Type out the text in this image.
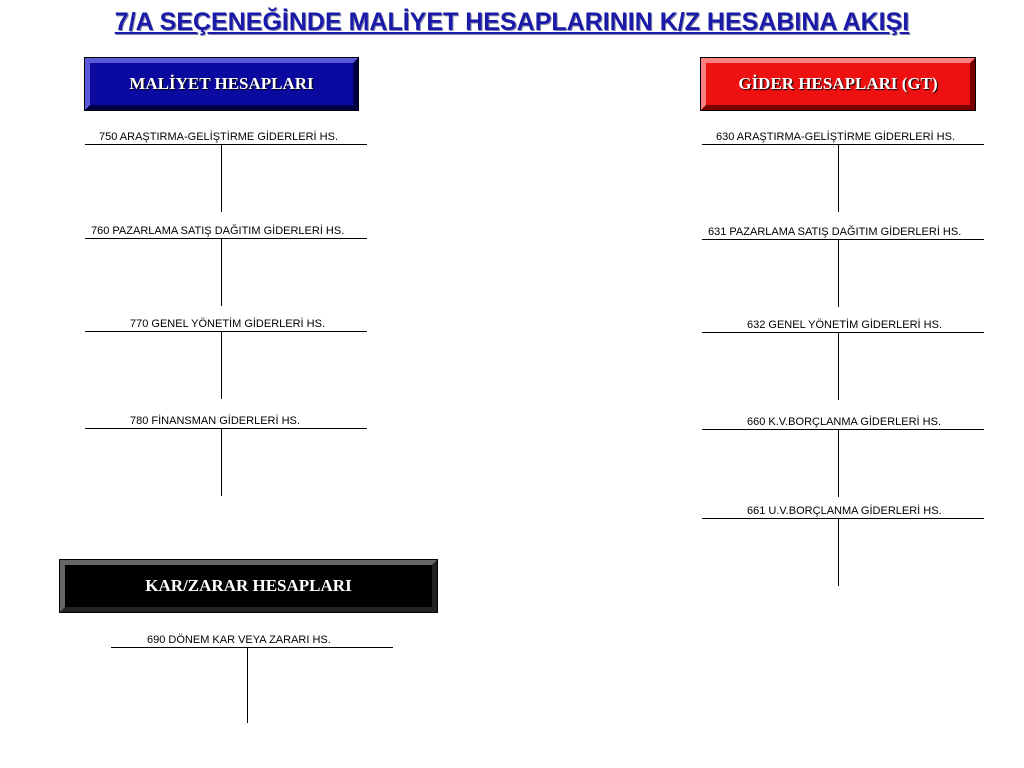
7/A SEÇENEĞİNDE MALİYET HESAPLARININ K/Z HESABINA AKIŞI
MALİYET HESAPLARI	GİDER HESAPLARI (GT)
KAR/ZARAR HESAPLARI
750 ARAŞTIRMA-GELİŞTİRME GİDERLERİ HS.
760 PAZARLAMA SATIŞ DAĞITIM GİDERLERİ HS.
770 GENEL YÖNETİM GİDERLERİ HS.
780 FİNANSMAN GİDERLERİ HS.
630 ARAŞTIRMA-GELİŞTİRME GİDERLERİ HS.
631 PAZARLAMA SATIŞ DAĞITIM GİDERLERİ HS.
632 GENEL YÖNETİM GİDERLERİ HS.
660 K.V.BORÇLANMA GİDERLERİ HS.
661 U.V.BORÇLANMA GİDERLERİ HS.
690 DÖNEM KAR VEYA ZARARI HS.
